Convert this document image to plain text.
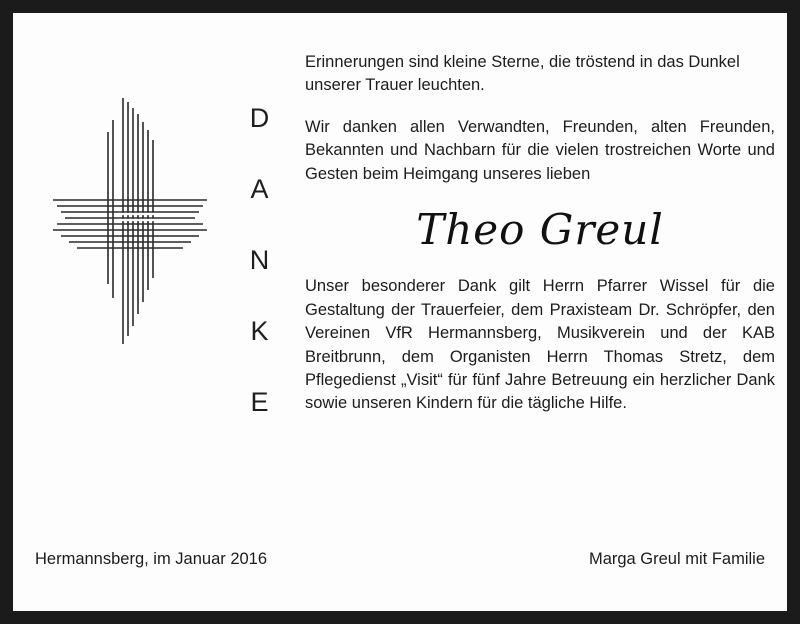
D
A
N
K
E

Erinnerungen sind kleine Sterne, die tröstend in das Dunkel unserer Trauer leuchten.

Wir danken allen Verwandten, Freunden, alten Freunden, Bekannten und Nachbarn für die vielen trostreichen Worte und Gesten beim Heimgang unseres lieben

Theo Greul

Unser besonderer Dank gilt Herrn Pfarrer Wissel für die Gestaltung der Trauerfeier, dem Praxisteam Dr. Schröpfer, den Vereinen VfR Hermannsberg, Musikverein und der KAB Breitbrunn, dem Organisten Herrn Thomas Stretz, dem Pflegedienst „Visit“ für fünf Jahre Betreuung ein herzlicher Dank sowie unseren Kindern für die tägliche Hilfe.

Hermannsberg, im Januar 2016	Marga Greul mit Familie
